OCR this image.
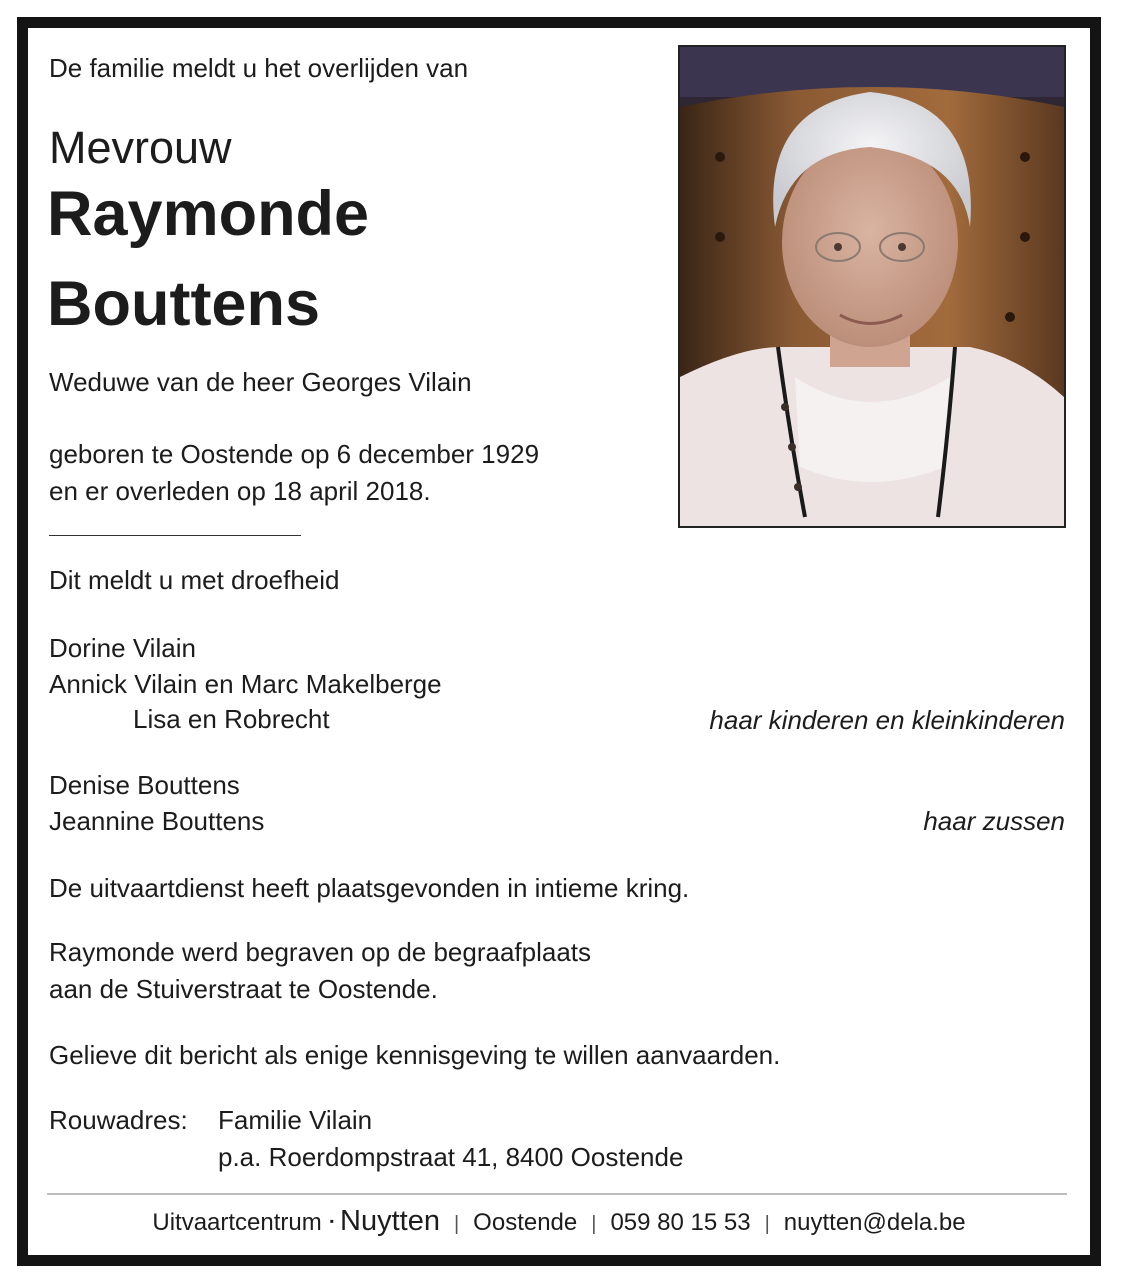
De familie meldt u het overlijden van
Mevrouw
Raymonde
Bouttens
Weduwe van de heer Georges Vilain
geboren te Oostende op 6 december 1929
en er overleden op 18 april 2018.
Dit meldt u met droefheid
Dorine Vilain
Annick Vilain en Marc Makelberge
Lisa en Robrecht	haar kinderen en kleinkinderen
Denise Bouttens
Jeannine Bouttens	haar zussen
De uitvaartdienst heeft plaatsgevonden in intieme kring.
Raymonde werd begraven op de begraafplaats
aan de Stuiverstraat te Oostende.
Gelieve dit bericht als enige kennisgeving te willen aanvaarden.
Rouwadres: Familie Vilain
p.a. Roerdompstraat 41, 8400 Oostende
Uitvaartcentrum ▪ Nuytten | Oostende | 059 80 15 53 | nuytten@dela.be
